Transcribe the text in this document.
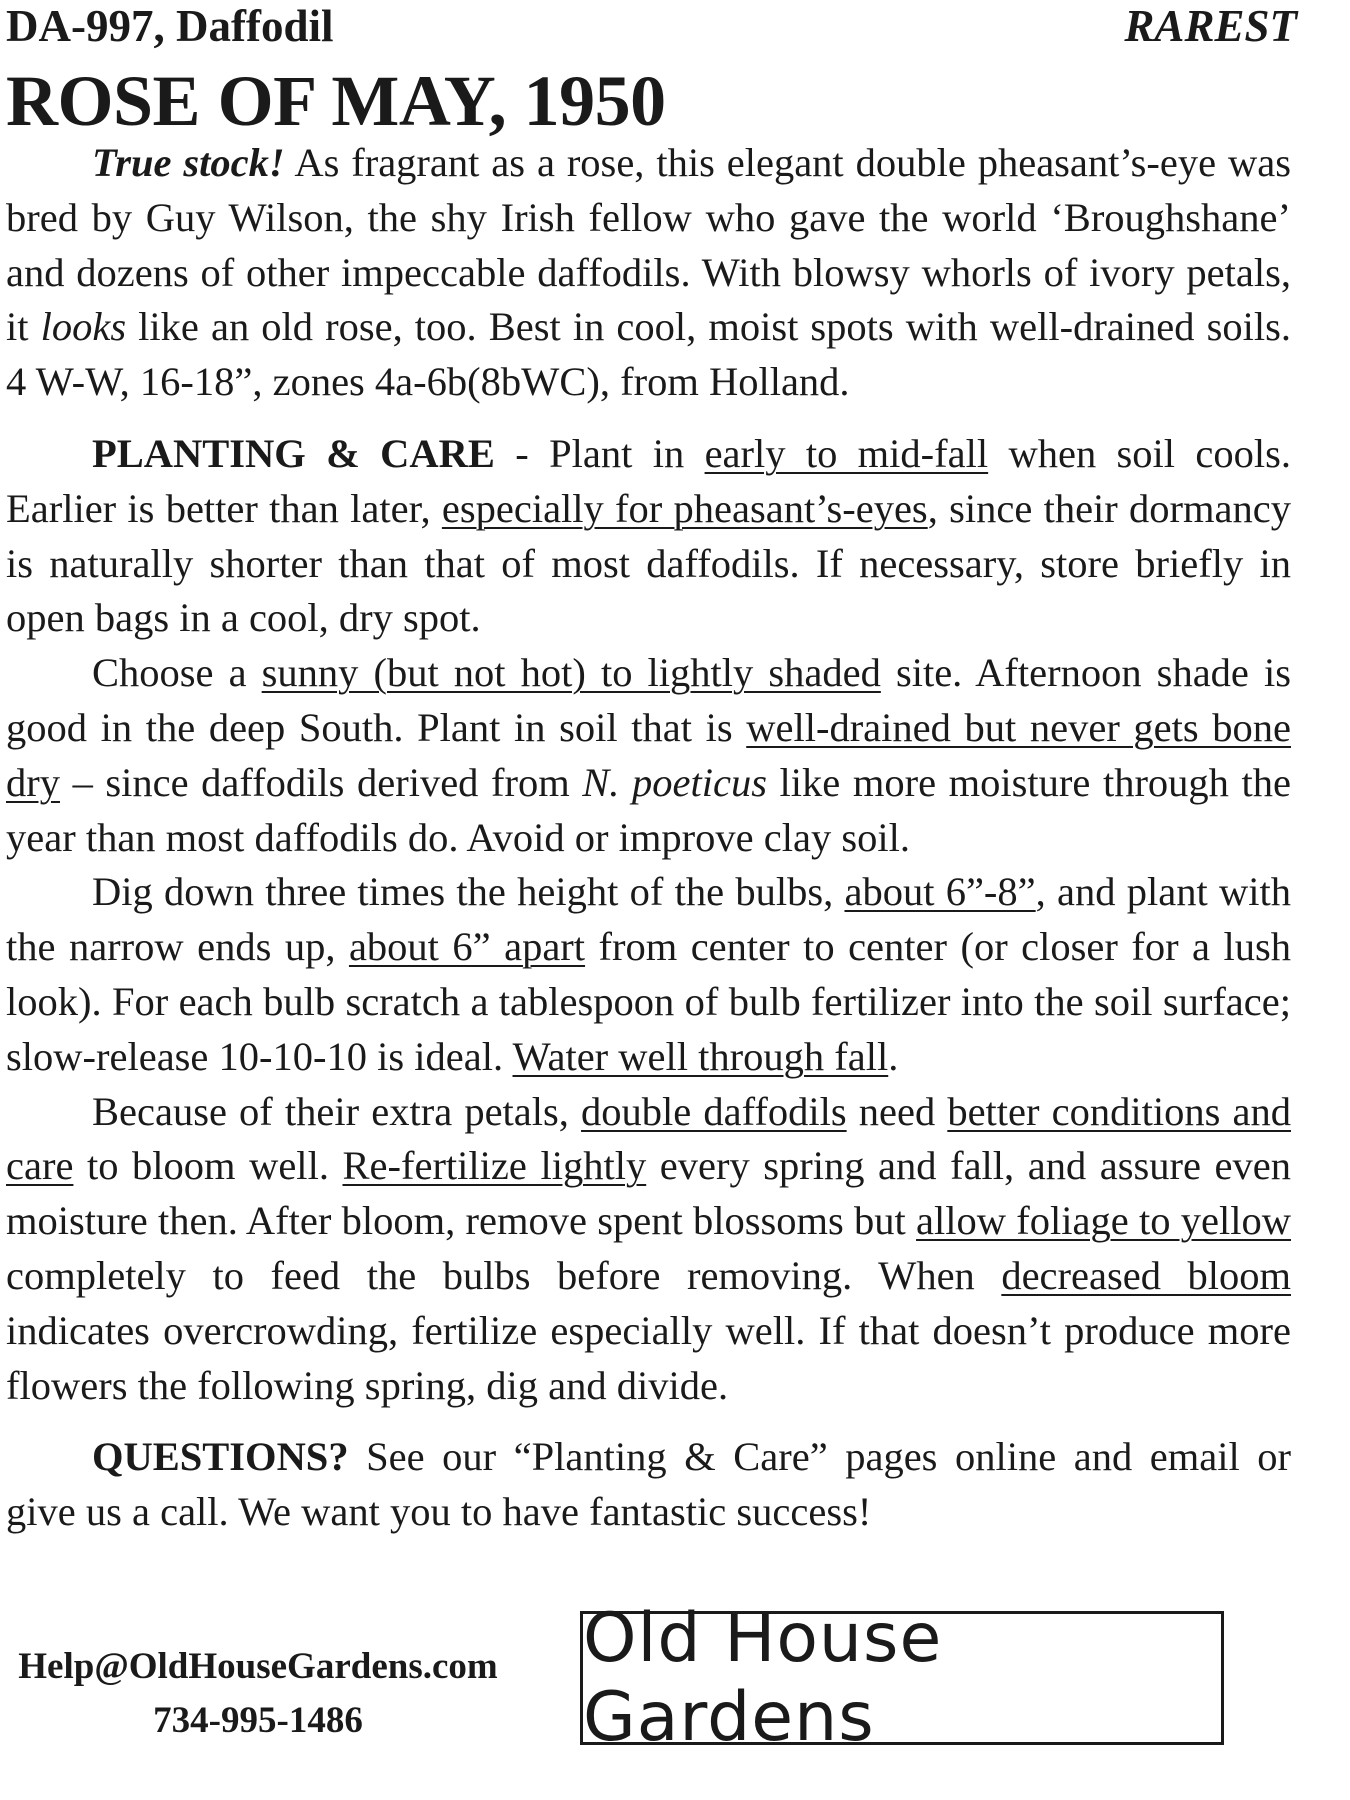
DA-997, Daffodil	RAREST
ROSE OF MAY, 1950

True stock! As fragrant as a rose, this elegant double pheasant’s-eye was bred by Guy Wilson, the shy Irish fellow who gave the world ‘Broughshane’ and dozens of other impeccable daffodils. With blowsy whorls of ivory petals, it looks like an old rose, too. Best in cool, moist spots with well-drained soils. 4 W-W, 16-18”, zones 4a-6b(8bWC), from Holland.

PLANTING & CARE - Plant in early to mid-fall when soil cools. Earlier is better than later, especially for pheasant’s-eyes, since their dormancy is naturally shorter than that of most daffodils. If necessary, store briefly in open bags in a cool, dry spot.

Choose a sunny (but not hot) to lightly shaded site. Afternoon shade is good in the deep South. Plant in soil that is well-drained but never gets bone dry – since daffodils derived from N. poeticus like more moisture through the year than most daffodils do. Avoid or improve clay soil.

Dig down three times the height of the bulbs, about 6”-8”, and plant with the narrow ends up, about 6” apart from center to center (or closer for a lush look). For each bulb scratch a tablespoon of bulb fertilizer into the soil surface; slow-release 10-10-10 is ideal. Water well through fall.

Because of their extra petals, double daffodils need better conditions and care to bloom well. Re-fertilize lightly every spring and fall, and assure even moisture then. After bloom, remove spent blossoms but allow foliage to yellow completely to feed the bulbs before removing. When decreased bloom indicates overcrowding, fertilize especially well. If that doesn’t produce more flowers the following spring, dig and divide.

QUESTIONS? See our “Planting & Care” pages online and email or give us a call. We want you to have fantastic success!

Help@OldHouseGardens.com
734-995-1486
Old House Gardens
